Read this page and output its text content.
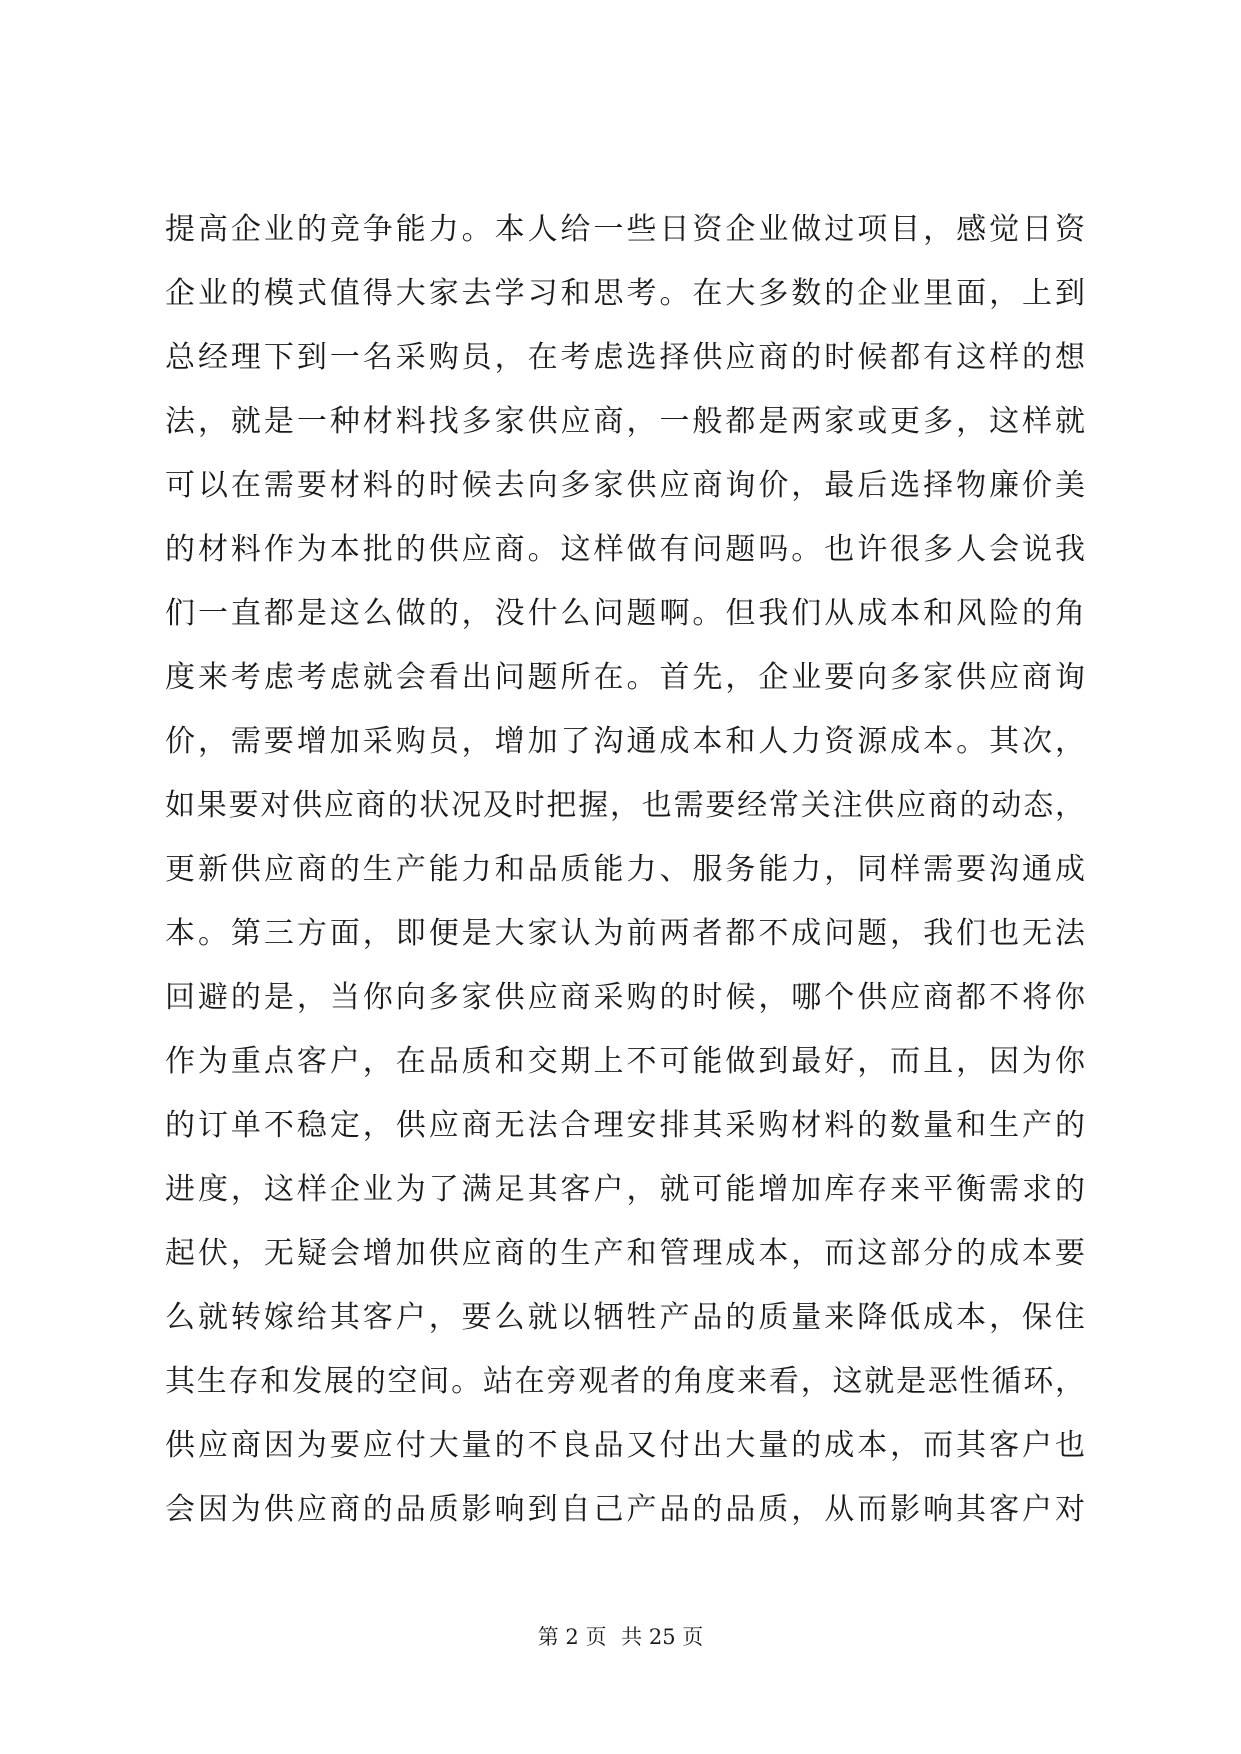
提高企业的竞争能力。本人给一些日资企业做过项目，感觉日资
企业的模式值得大家去学习和思考。在大多数的企业里面，上到
总经理下到一名采购员，在考虑选择供应商的时候都有这样的想
法，就是一种材料找多家供应商，一般都是两家或更多，这样就
可以在需要材料的时候去向多家供应商询价，最后选择物廉价美
的材料作为本批的供应商。这样做有问题吗。也许很多人会说我
们一直都是这么做的，没什么问题啊。但我们从成本和风险的角
度来考虑考虑就会看出问题所在。首先，企业要向多家供应商询
价，需要增加采购员，增加了沟通成本和人力资源成本。其次，
如果要对供应商的状况及时把握，也需要经常关注供应商的动态，
更新供应商的生产能力和品质能力、服务能力，同样需要沟通成
本。第三方面，即便是大家认为前两者都不成问题，我们也无法
回避的是，当你向多家供应商采购的时候，哪个供应商都不将你
作为重点客户，在品质和交期上不可能做到最好，而且，因为你
的订单不稳定，供应商无法合理安排其采购材料的数量和生产的
进度，这样企业为了满足其客户，就可能增加库存来平衡需求的
起伏，无疑会增加供应商的生产和管理成本，而这部分的成本要
么就转嫁给其客户，要么就以牺牲产品的质量来降低成本，保住
其生存和发展的空间。站在旁观者的角度来看，这就是恶性循环，
供应商因为要应付大量的不良品又付出大量的成本，而其客户也
会因为供应商的品质影响到自己产品的品质，从而影响其客户对
第 2 页 共 25 页
